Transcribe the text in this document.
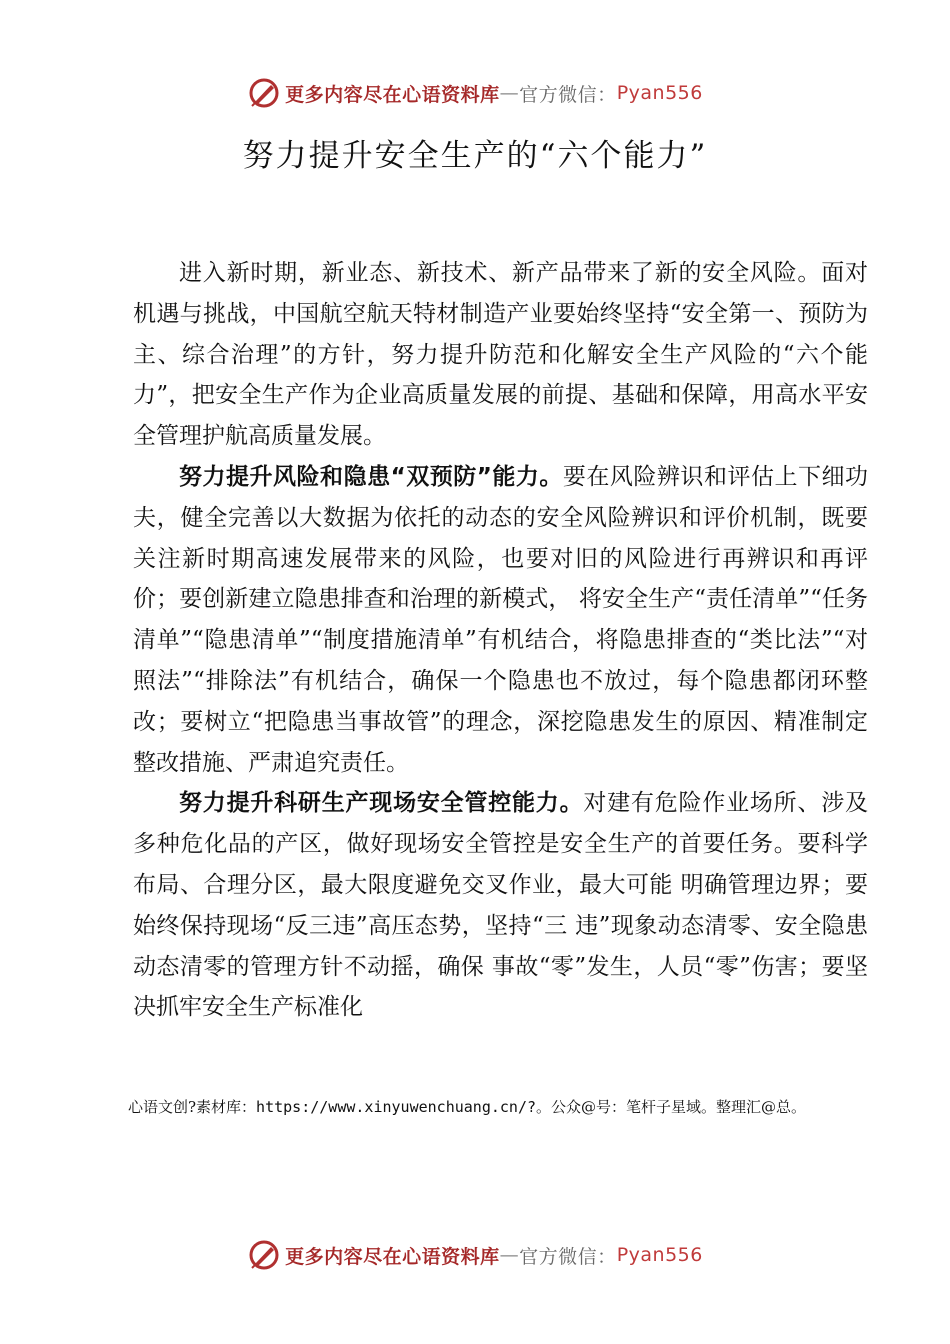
更多内容尽在心语资料库 — 官方微信： Pyan556
努力提升安全生产的“六个能力”

进入新时期，新业态、新技术、新产品带来了新的安全风险。面对机遇与挑战，中国航空航天特材制造产业要始终坚持“安全第一、预防为主、综合治理”的方针，努力提升防范和化解安全生产风险的“六个能力”，把安全生产作为企业高质量发展的前提、基础和保障，用高水平安全管理护航高质量发展。

努力提升风险和隐患“双预防”能力。要在风险辨识和评估上下细功夫，健全完善以大数据为依托的动态的安全风险辨识和评价机制，既要关注新时期高速发展带来的风险，也要对旧的风险进行再辨识和再评价；要创新建立隐患排查和治理的新模式， 将安全生产“责任清单”“任务清单”“隐患清单”“制度措施清单”有机结合，将隐患排查的“类比法”“对照法”“排除法”有机结合，确保一个隐患也不放过，每个隐患都闭环整改；要树立“把隐患当事故管”的理念，深挖隐患发生的原因、精准制定整改措施、严肃追究责任。

努力提升科研生产现场安全管控能力。对建有危险作业场所、涉及多种危化品的产区，做好现场安全管控是安全生产的首要任务。要科学布局、合理分区，最大限度避免交叉作业，最大可能 明确管理边界；要始终保持现场“反三违”高压态势，坚持“三 违”现象动态清零、安全隐患动态清零的管理方针不动摇，确保 事故“零”发生，人员“零”伤害；要坚决抓牢安全生产标准化

心语文创?素材库：https://www.xinyuwenchuang.cn/?。公众@号：笔杆子星域。整理汇@总。
更多内容尽在心语资料库 — 官方微信： Pyan556
